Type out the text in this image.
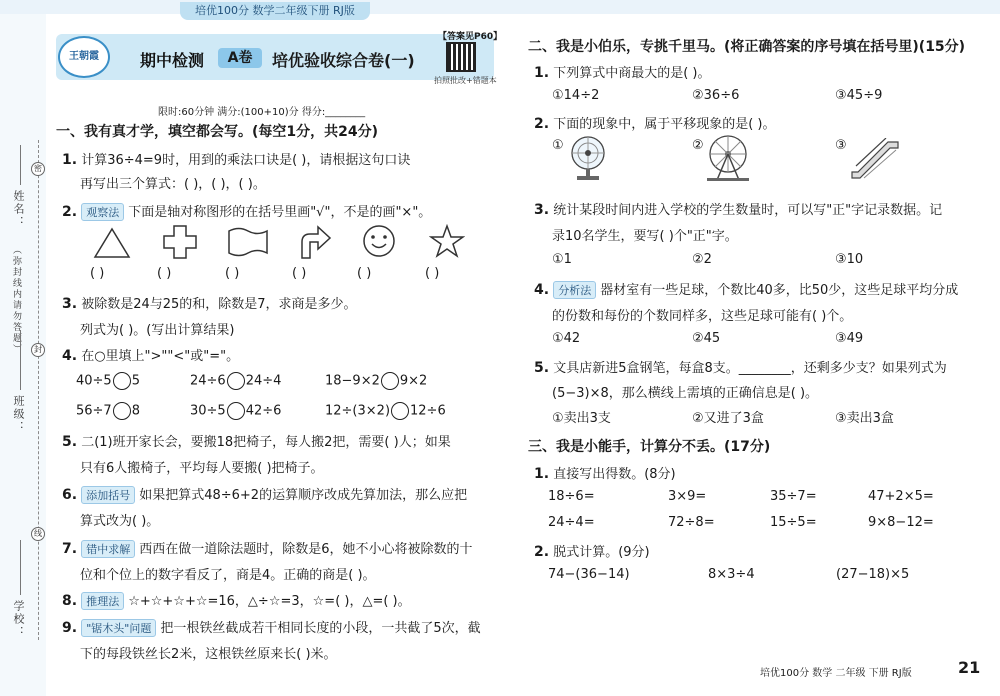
培优100分 数学二年级下册 RJ版
姓名：
（弥封线内请勿答题）
班级：
学校：
密
封
线
王朝霞	期中检测	A卷	培优验收综合卷(一)
【答案见P60】
拍照批改+错题本
限时:60分钟 满分:(100+10)分 得分:________
一、我有真才学，填空都会写。(每空1分，共24分)
1. 计算36÷4=9时，用到的乘法口诀是( )，请根据这句口诀
再写出三个算式：( )，( )，( )。
2. 观察法 下面是轴对称图形的在括号里画"√"，不是的画"×"。
( )	( )	( )	( )	( )	( )
3. 被除数是24与25的和，除数是7，求商是多少。
列式为( )。(写出计算结果)
4. 在○里填上">""<"或"="。
40÷5 5	24÷6 24÷4	18−9×2 9×2
56÷7 8	30÷5 42÷6	12÷(3×2) 12÷6
5. 二(1)班开家长会，要搬18把椅子，每人搬2把，需要( )人；如果
只有6人搬椅子，平均每人要搬( )把椅子。
6. 添加括号 如果把算式48÷6+2的运算顺序改成先算加法，那么应把
算式改为( )。
7. 错中求解 西西在做一道除法题时，除数是6，她不小心将被除数的十
位和个位上的数字看反了，商是4。正确的商是( )。
8. 推理法 ☆+☆+☆+☆=16，△÷☆=3，☆=( )，△=( )。
9. "锯木头"问题 把一根铁丝截成若干相同长度的小段，一共截了5次，截
下的每段铁丝长2米，这根铁丝原来长( )米。
二、我是小伯乐，专挑千里马。(将正确答案的序号填在括号里)(15分)
1. 下列算式中商最大的是( )。
①14÷2	②36÷6	③45÷9
2. 下面的现象中，属于平移现象的是( )。
①	②	③
3. 统计某段时间内进入学校的学生数量时，可以写"正"字记录数据。记
录10名学生，要写( )个"正"字。
①1	②2	③10
4. 分析法 器材室有一些足球，个数比40多，比50少，这些足球平均分成
的份数和每份的个数同样多，这些足球可能有( )个。
①42	②45	③49
5. 文具店新进5盒钢笔，每盒8支。________，还剩多少支？如果列式为
(5−3)×8，那么横线上需填的正确信息是( )。
①卖出3支	②又进了3盒	③卖出3盒
三、我是小能手，计算分不丢。(17分)
1. 直接写出得数。(8分)
18÷6=	3×9=	35÷7=	47+2×5=
24÷4=	72÷8=	15÷5=	9×8−12=
2. 脱式计算。(9分)
74−(36−14)	8×3÷4	(27−18)×5
培优100分 数学 二年级 下册 RJ版	21
